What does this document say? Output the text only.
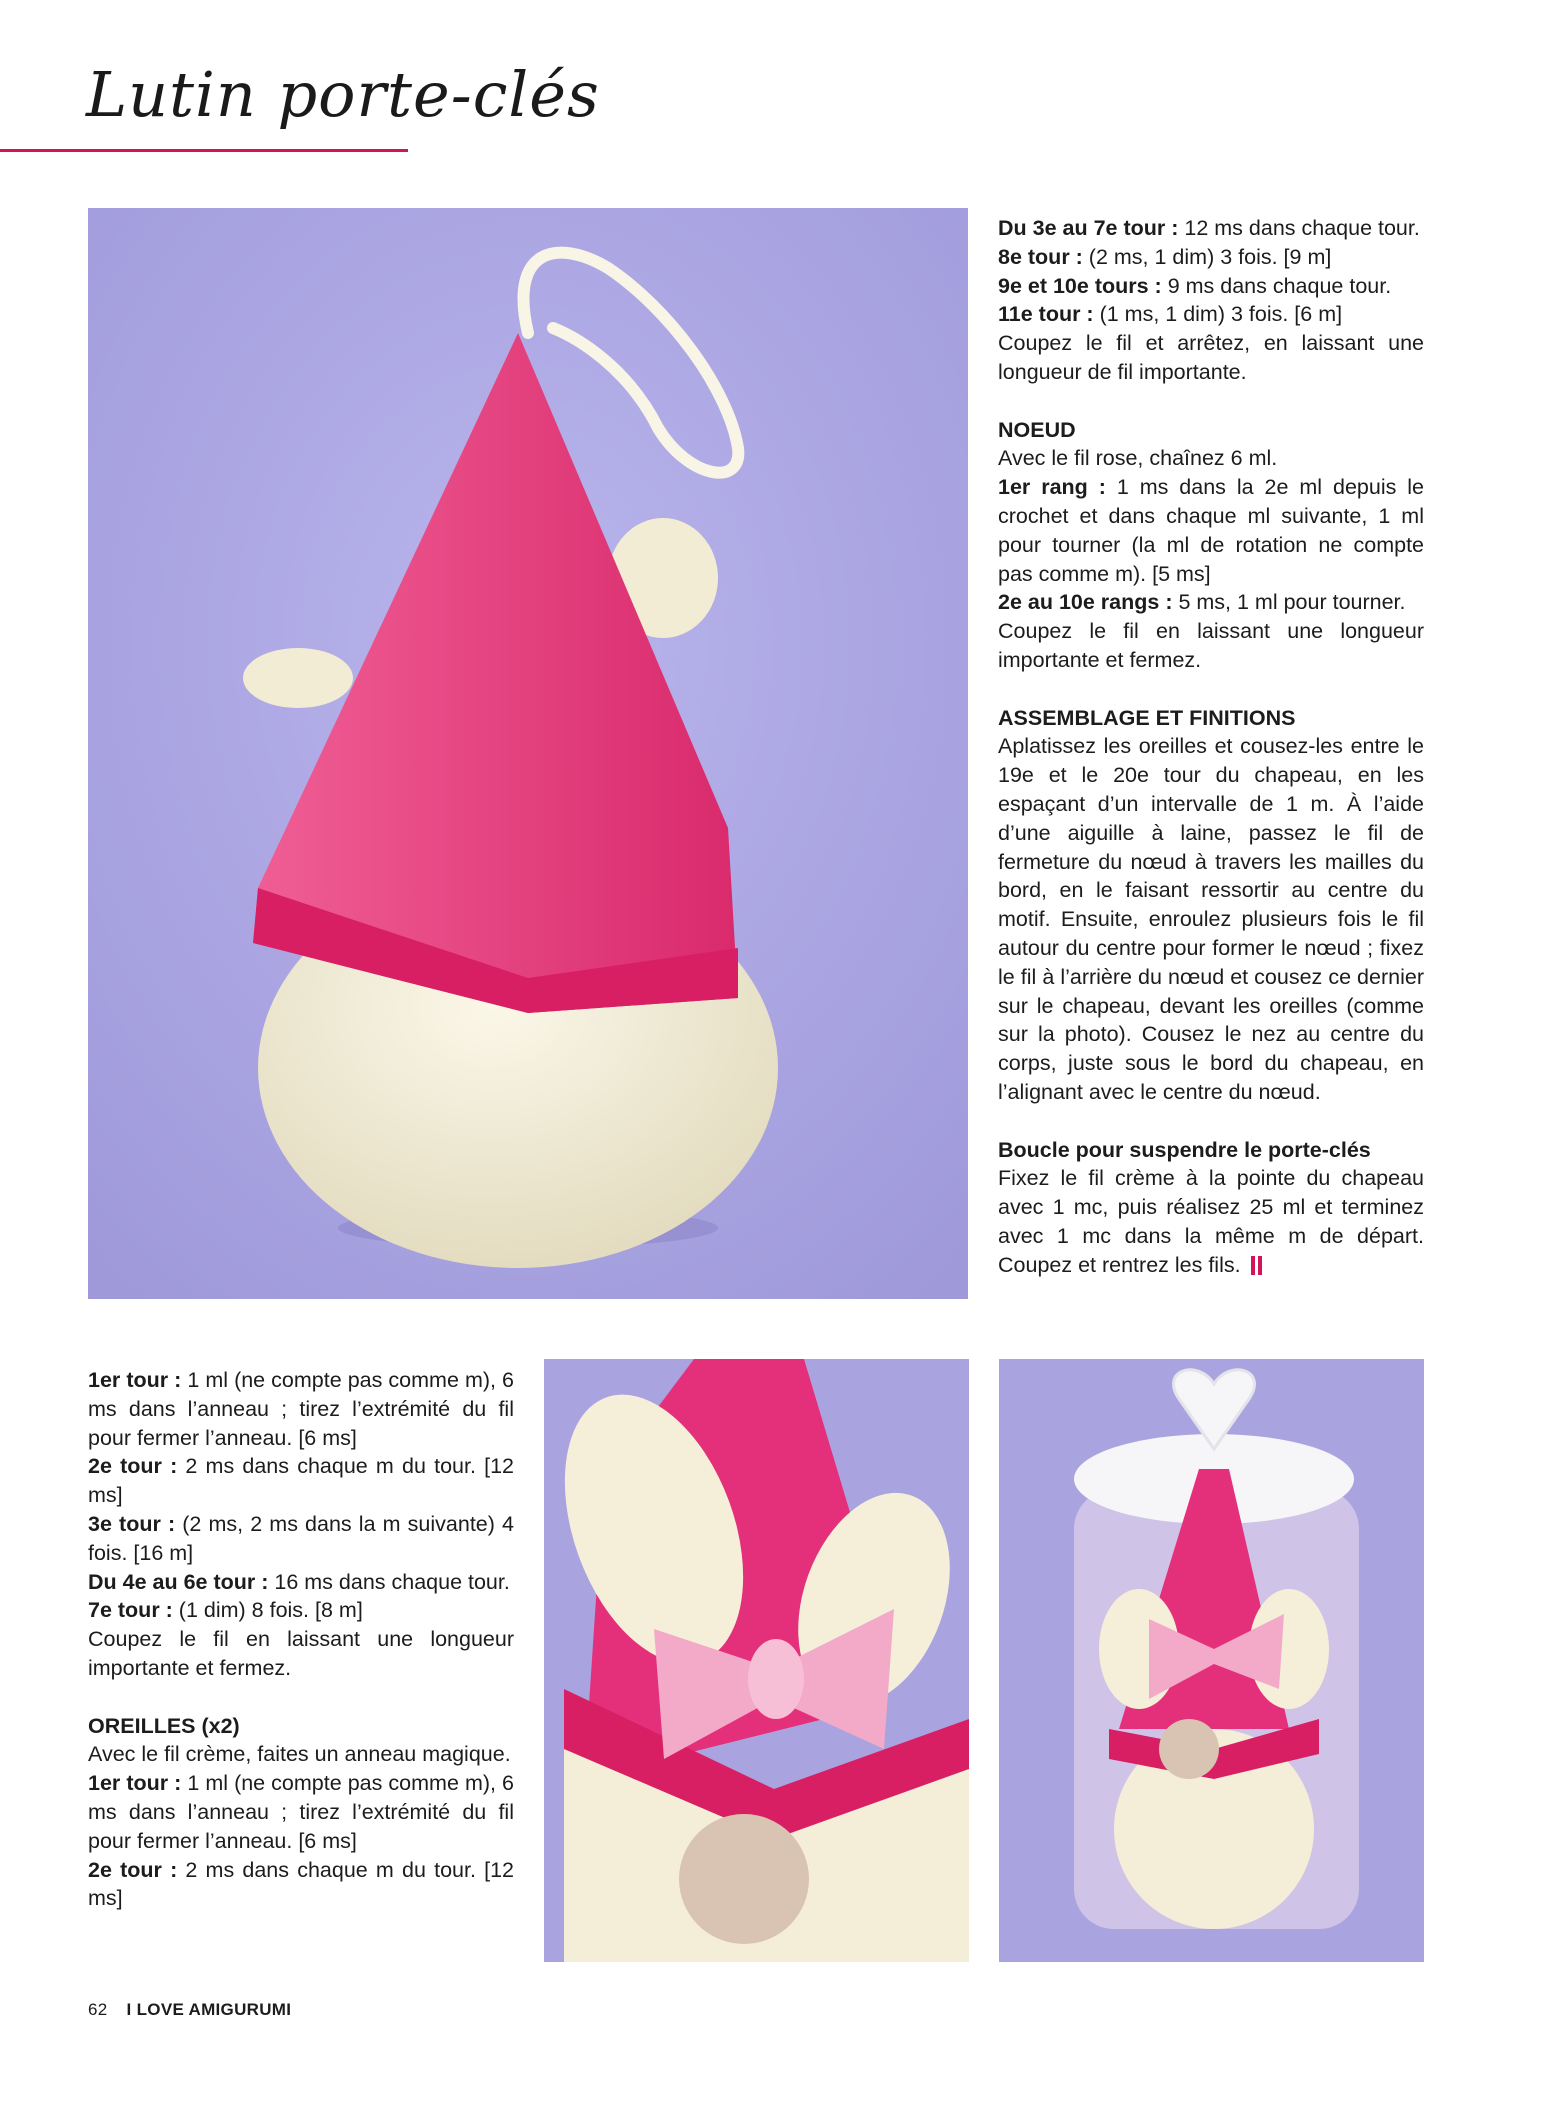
Lutin porte-clés

Du 3e au 7e tour : 12 ms dans chaque tour.

8e tour : (2 ms, 1 dim) 3 fois. [9 m]

9e et 10e tours : 9 ms dans chaque tour.

11e tour : (1 ms, 1 dim) 3 fois. [6 m]

Coupez le fil et arrêtez, en laissant une longueur de fil importante.

NOEUD

Avec le fil rose, chaînez 6 ml.

1er rang : 1 ms dans la 2e ml depuis le crochet et dans chaque ml suivante, 1 ml pour tourner (la ml de rotation ne compte pas comme m). [5 ms]

2e au 10e rangs : 5 ms, 1 ml pour tourner.

Coupez le fil en laissant une longueur importante et fermez.

ASSEMBLAGE ET FINITIONS

Aplatissez les oreilles et cousez-les entre le 19e et le 20e tour du chapeau, en les espaçant d’un intervalle de 1 m. À l’aide d’une aiguille à laine, passez le fil de fermeture du nœud à travers les mailles du bord, en le faisant ressortir au centre du motif. Ensuite, enroulez plusieurs fois le fil autour du centre pour former le nœud ; fixez le fil à l’arrière du nœud et cousez ce dernier sur le chapeau, devant les oreilles (comme sur la photo). Cousez le nez au centre du corps, juste sous le bord du chapeau, en l’alignant avec le centre du nœud.

Boucle pour suspendre le porte-clés

Fixez le fil crème à la pointe du chapeau avec 1 mc, puis réalisez 25 ml et terminez avec 1 mc dans la même m de départ. Coupez et rentrez les fils.

1er tour : 1 ml (ne compte pas comme m), 6 ms dans l’anneau ; tirez l’extrémité du fil pour fermer l’anneau. [6 ms]

2e tour : 2 ms dans chaque m du tour. [12 ms]

3e tour : (2 ms, 2 ms dans la m suivante) 4 fois. [16 m]

Du 4e au 6e tour : 16 ms dans chaque tour.

7e tour : (1 dim) 8 fois. [8 m]

Coupez le fil en laissant une longueur importante et fermez.

OREILLES (x2)

Avec le fil crème, faites un anneau magique.

1er tour : 1 ml (ne compte pas comme m), 6 ms dans l’anneau ; tirez l’extrémité du fil pour fermer l’anneau. [6 ms]

2e tour : 2 ms dans chaque m du tour. [12 ms]

62 I LOVE AMIGURUMI
